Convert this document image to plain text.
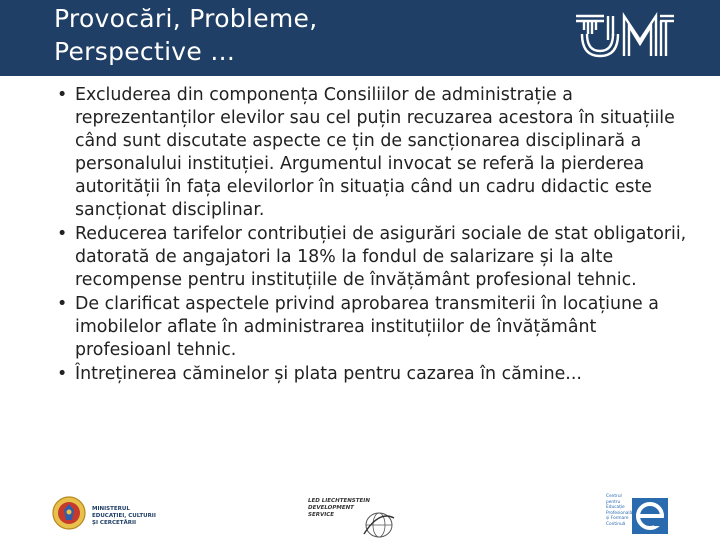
Provocări, Probleme,
Perspective ...
• Excluderea din componența Consiliilor de administrație a reprezentanților elevilor sau cel puțin recuzarea acestora în situațiile când sunt discutate aspecte ce țin de sancționarea disciplinară a personalului instituției. Argumentul invocat se referă la pierderea autorității în fața elevilorlor în situația când un cadru didactic este sancționat disciplinar.
• Reducerea tarifelor contribuției de asigurări sociale de stat obligatorii, datorată de angajatori la 18% la fondul de salarizare și la alte recompense pentru instituțiile de învățământ profesional tehnic.
• De clarificat aspectele privind aprobarea transmiterii în locațiune a imobilelor aflate în administrarea instituțiilor de învățământ profesioanl tehnic.
• Întreținerea căminelor și plata pentru cazarea în cămine...
MINISTERUL
EDUCAȚIEI, CULTURII
ȘI CERCETĂRII
LED LIECHTENSTEIN
DEVELOPMENT
SERVICE
Centrul
pentru
Educație
Profesională
și Formare
Continuă
